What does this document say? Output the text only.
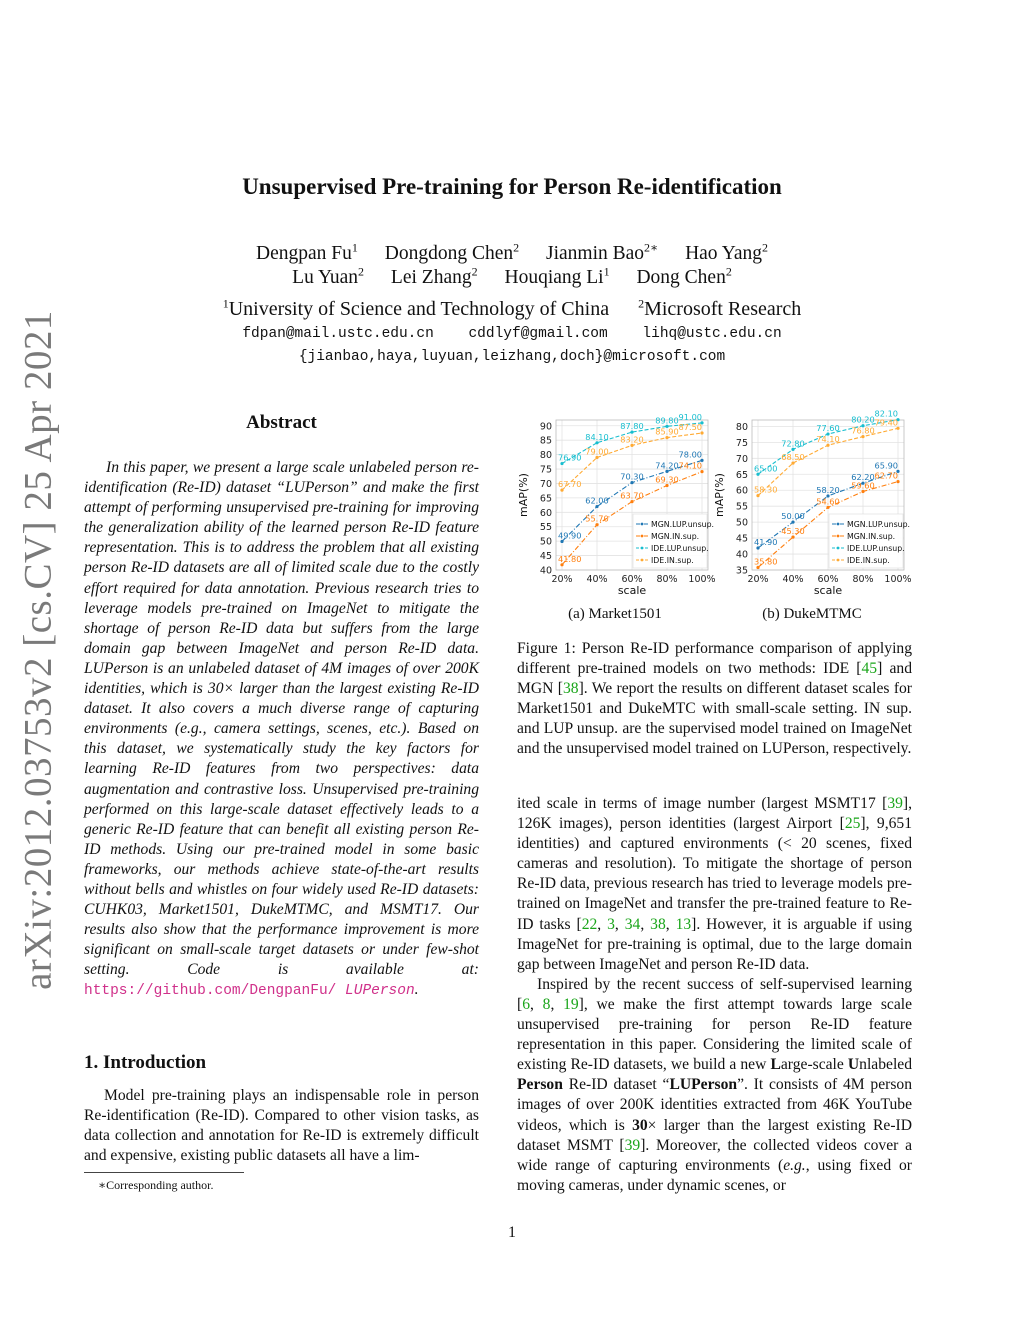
arXiv:2012.03753v2 [cs.CV] 25 Apr 2021
Unsupervised Pre-training for Person Re-identification
Dengpan Fu$^1$ Dongdong Chen$^2$ Jianmin Bao$^{2∗}$ Hao Yang$^2$
Lu Yuan$^2$ Lei Zhang$^2$ Houqiang Li$^1$ Dong Chen$^2$
$^1$University of Science and Technology of China $^2$Microsoft Research
fdpan@mail.ustc.edu.cn cddlyf@gmail.com lihq@ustc.edu.cn
{jianbao,haya,luyuan,leizhang,doch}@microsoft.com
Abstract
In this paper, we present a large scale unlabeled person re-identification (Re-ID) dataset “LUPerson” and make the first attempt of performing unsupervised pre-training for improving the generalization ability of the learned person Re-ID feature representation. This is to address the problem that all existing person Re-ID datasets are all of limited scale due to the costly effort required for data annotation. Previous research tries to leverage models pre-trained on ImageNet to mitigate the shortage of person Re-ID data but suffers from the large domain gap between ImageNet and person Re-ID data. LUPerson is an unlabeled dataset of 4M images of over 200K identities, which is 30× larger than the largest existing Re-ID dataset. It also covers a much diverse range of capturing environments (e.g., camera settings, scenes, etc.). Based on this dataset, we systematically study the key factors for learning Re-ID features from two perspectives: data augmentation and contrastive loss. Unsupervised pre-training performed on this large-scale dataset effectively leads to a generic Re-ID feature that can benefit all existing person Re-ID methods. Using our pre-trained model in some basic frameworks, our methods achieve state-of-the-art results without bells and whistles on four widely used Re-ID datasets: CUHK03, Market1501, DukeMTMC, and MSMT17. Our results also show that the performance improvement is more significant on small-scale target datasets or under few-shot setting. Code is available at: https://github.com/DengpanFu/ LUPerson.
1. Introduction
Model pre-training plays an indispensable role in person Re-identification (Re-ID). Compared to other vision tasks, as data collection and annotation for Re-ID is extremely difficult and expensive, existing public datasets all have a lim-
∗Corresponding author.
40
45
50
55
60
65
70
75
80
85
90
20% 40% 60% 80% 100%
scale
mAP(%)
49.90
62.00
70.30
74.20
78.00
41.80
55.70
63.70
69.30
74.10
76.90
84.10
87.80
89.80 91.00
67.70
79.00
83.20
85.90 87.50
MGN.LUP.unsup.
MGN.IN.sup.
IDE.LUP.unsup.
IDE.IN.sup.
35
40
45
50
55
60
65
70
75
80
20% 40% 60% 80% 100%
scale
mAP(%)
41.90
50.00
58.20
62.20
65.90
35.80
45.30
54.60
59.60
62.70
65.00
72.80
77.60
80.20
82.10
58.30
68.50
74.10
76.80
79.40
MGN.LUP.unsup.
MGN.IN.sup.
IDE.LUP.unsup.
IDE.IN.sup.
(a) Market1501	(b) DukeMTMC
Figure 1: Person Re-ID performance comparison of applying different pre-trained models on two methods: IDE [45] and MGN [38]. We report the results on different dataset scales for Market1501 and DukeMTC with small-scale setting. IN sup. and LUP unsup. are the supervised model trained on ImageNet and the unsupervised model trained on LUPerson, respectively.

ited scale in terms of image number (largest MSMT17 [39], 126K images), person identities (largest Airport [25], 9,651 identities) and captured environments (< 20 scenes, fixed cameras and resolution). To mitigate the shortage of person Re-ID data, previous research has tried to leverage models pre-trained on ImageNet and transfer the pre-trained feature to Re-ID tasks [22, 3, 34, 38, 13]. However, it is arguable if using ImageNet for pre-training is optimal, due to the large domain gap between ImageNet and person Re-ID data.

Inspired by the recent success of self-supervised learning [6, 8, 19], we make the first attempt towards large scale unsupervised pre-training for person Re-ID feature representation in this paper. Considering the limited scale of existing Re-ID datasets, we build a new Large-scale Unlabeled Person Re-ID dataset “LUPerson”. It consists of 4M person images of over 200K identities extracted from 46K YouTube videos, which is 30× larger than the largest existing Re-ID dataset MSMT [39]. Moreover, the collected videos cover a wide range of capturing environments (e.g., using fixed or moving cameras, under dynamic scenes, or

1
